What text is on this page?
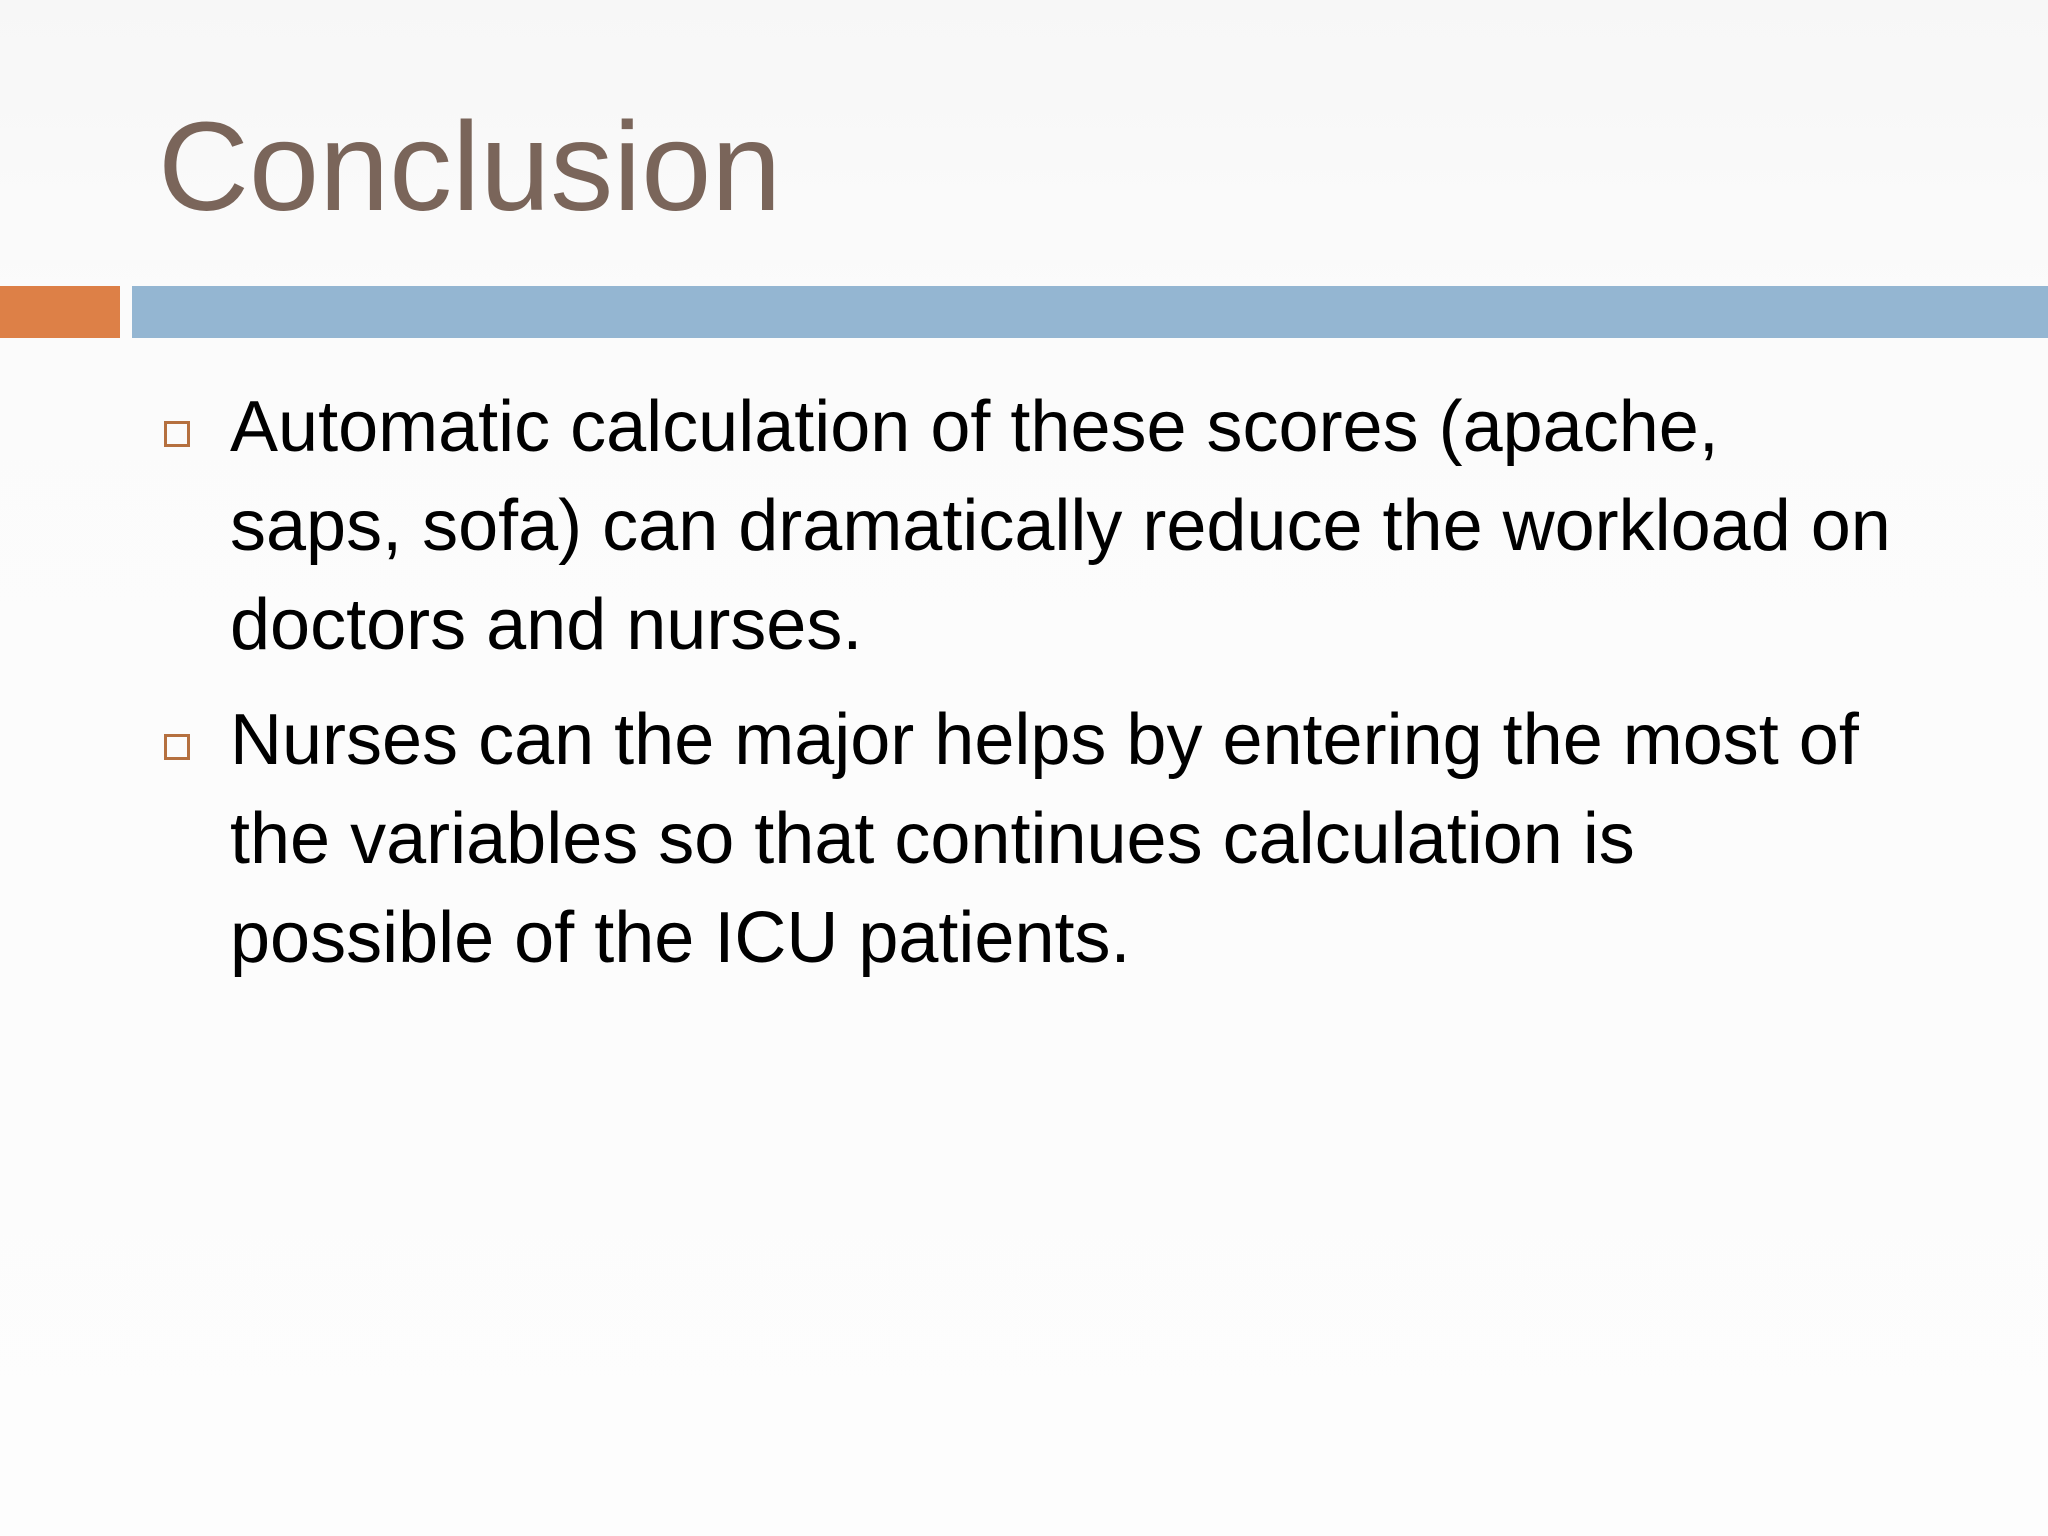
Conclusion
Automatic calculation of these scores (apache, saps, sofa) can dramatically reduce the workload on doctors and nurses.
Nurses can the major helps by entering the most of the variables so that continues calculation is possible of the ICU patients.
